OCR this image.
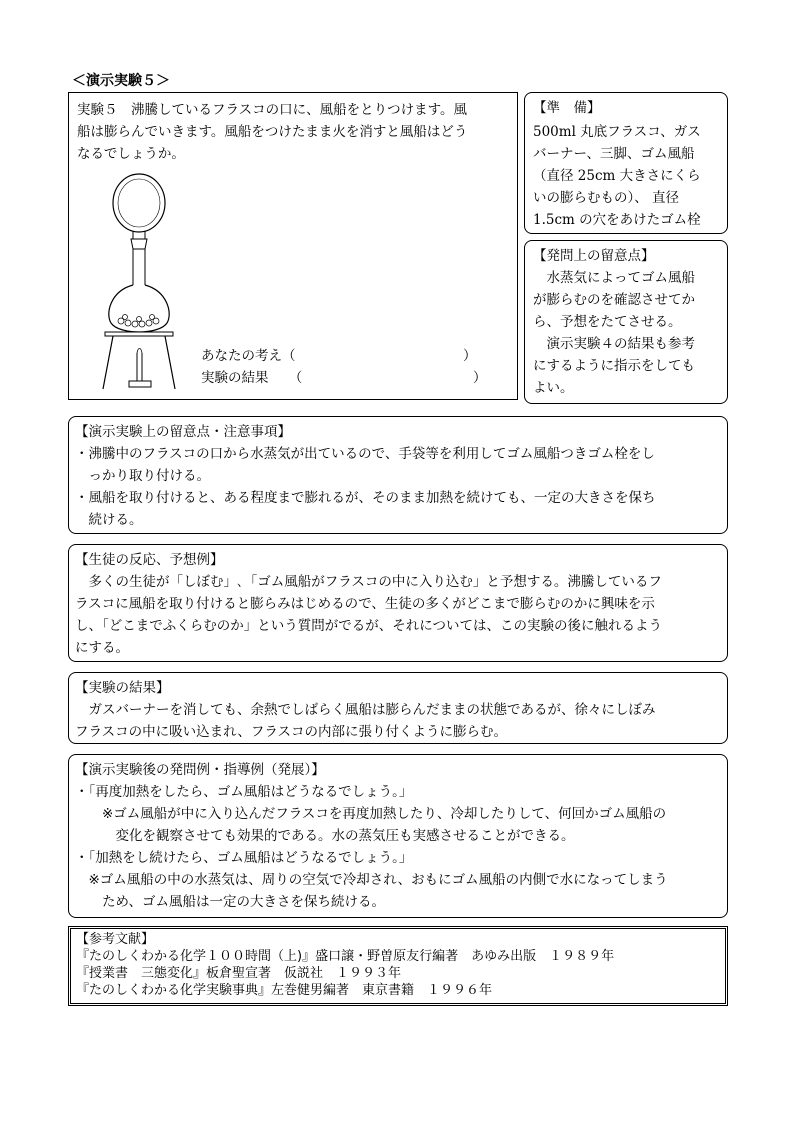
＜演示実験５＞
実験５　沸騰しているフラスコの口に、風船をとりつけます。風
船は膨らんでいきます。風船をつけたまま火を消すと風船はどう
なるでしょうか。
あなたの考え（	）
実験の結果　　（	）
【準　備】
500ml 丸底フラスコ、ガス
バーナー、三脚、ゴム風船
（直径 25cm 大きさにくら
いの膨らむもの）、 直径
1.5cm の穴をあけたゴム栓
【発問上の留意点】
　水蒸気によってゴム風船
が膨らむのを確認させてか
ら、予想をたてさせる。
　演示実験４の結果も参考
にするように指示をしても
よい。
【演示実験上の留意点・注意事項】
・沸騰中のフラスコの口から水蒸気が出ているので、手袋等を利用してゴム風船つきゴム栓をし
　っかり取り付ける。
・風船を取り付けると、ある程度まで膨れるが、そのまま加熱を続けても、一定の大きさを保ち
　続ける。
【生徒の反応、予想例】
　多くの生徒が「しぼむ」､「ゴム風船がフラスコの中に入り込む」と予想する。沸騰しているフ
ラスコに風船を取り付けると膨らみはじめるので、生徒の多くがどこまで膨らむのかに興味を示
し、「どこまでふくらむのか」という質問がでるが、それについては、この実験の後に触れるよう
にする。
【実験の結果】
　ガスバーナーを消しても、余熱でしばらく風船は膨らんだままの状態であるが、徐々にしぼみ
フラスコの中に吸い込まれ、フラスコの内部に張り付くように膨らむ。
【演示実験後の発問例・指導例（発展）】
・「再度加熱をしたら、ゴム風船はどうなるでしょう。」
　　※ゴム風船が中に入り込んだフラスコを再度加熱したり、冷却したりして、何回かゴム風船の
　　　変化を観察させても効果的である。水の蒸気圧も実感させることができる。
・「加熱をし続けたら、ゴム風船はどうなるでしょう。」
　※ゴム風船の中の水蒸気は、周りの空気で冷却され、おもにゴム風船の内側で水になってしまう
　　ため、ゴム風船は一定の大きさを保ち続ける。
【参考文献】
『たのしくわかる化学１００時間（上)』盛口譲・野曽原友行編著　あゆみ出版　１９８９年
『授業書　三態変化』板倉聖宣著　仮説社　１９９３年
『たのしくわかる化学実験事典』左巻健男編著　東京書籍　１９９６年
